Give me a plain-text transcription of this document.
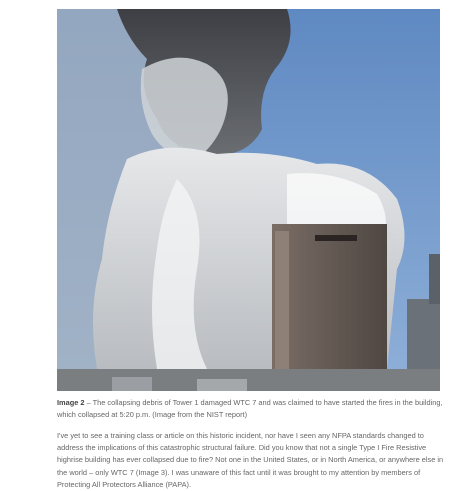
Image 2 – The collapsing debris of Tower 1 damaged WTC 7 and was claimed to have started the fires in the building, which collapsed at 5:20 p.m. (Image from the NIST report)

I've yet to see a training class or article on this historic incident, nor have I seen any NFPA standards changed to address the implications of this catastrophic structural failure. Did you know that not a single Type I Fire Resistive highrise building has ever collapsed due to fire? Not one in the United States, or in North America, or anywhere else in the world – only WTC 7 (Image 3). I was unaware of this fact until it was brought to my attention by members of Protecting All Protectors Alliance (PAPA).
